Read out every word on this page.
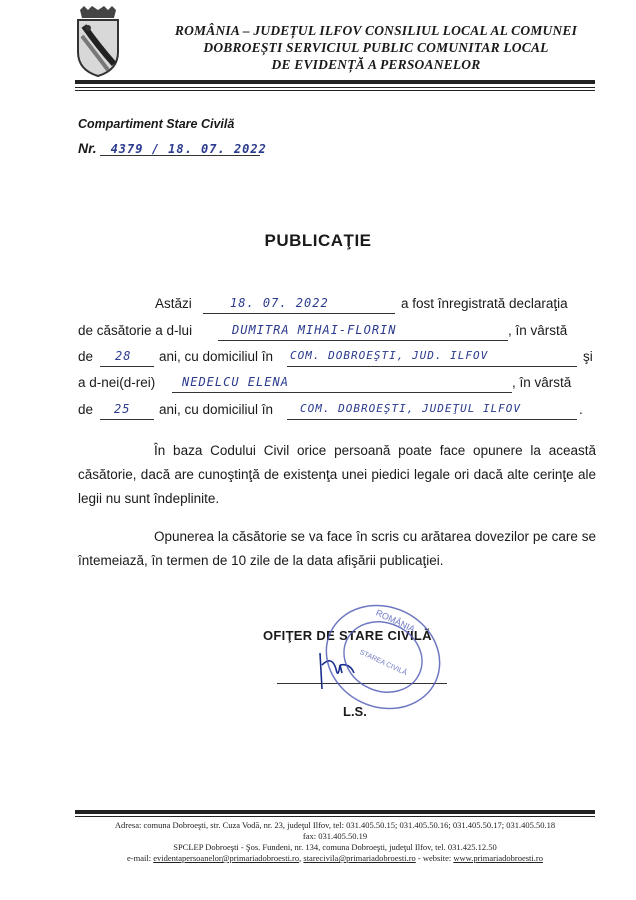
ROMÂNIA – JUDEȚUL ILFOV CONSILIUL LOCAL AL COMUNEI
DOBROEȘTI SERVICIUL PUBLIC COMUNITAR LOCAL
DE EVIDENȚĂ A PERSOANELOR
Compartiment Stare Civilă
Nr. 4379 / 18. 07. 2022
PUBLICAŢIE
Astăzi	18. 07. 2022	a fost înregistrată declaraţia
de căsătorie a d-lui	DUMITRA MIHAI-FLORIN	, în vârstă
de 28 ani, cu domiciliul în COM. DOBROEŞTI, JUD. ILFOV	şi
a d-nei(d-rei) NEDELCU ELENA	, în vârstă
de 25 ani, cu domiciliul în COM. DOBROEŞTI, JUDEŢUL ILFOV	.
În baza Codului Civil orice persoană poate face opunere la această căsătorie, dacă are cunoştinţă de existenţa unei piedici legale ori dacă alte cerinţe ale legii nu sunt îndeplinite.
Opunerea la căsătorie se va face în scris cu arătarea dovezilor pe care se întemeiază, în termen de 10 zile de la data afişării publicaţiei.
OFIŢER DE STARE CIVILĂ
L.S.
ROMÂNIA
STAREA CIVILĂ
Adresa: comuna Dobroeşti, str. Cuza Vodă, nr. 23, judeţul Ilfov, tel: 031.405.50.15; 031.405.50.16; 031.405.50.17; 031.405.50.18
fax: 031.405.50.19
SPCLEP Dobroeşti - Şos. Fundeni, nr. 134, comuna Dobroeşti, judeţul Ilfov, tel. 031.425.12.50
e-mail: evidentapersoanelor@primariadobroesti.ro, starecivila@primariadobroesti.ro - website: www.primariadobroesti.ro
